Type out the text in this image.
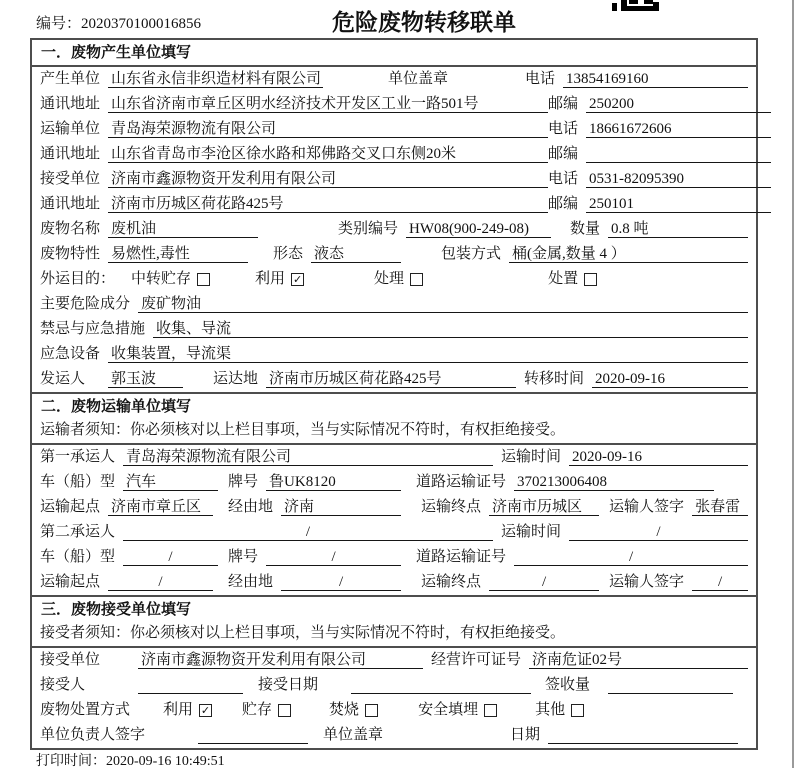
编号：2020370100016856	危险废物转移联单
一．废物产生单位填写
产生单位 山东省永信非织造材料有限公司	单位盖章	电话 13854169160
通讯地址 山东省济南市章丘区明水经济技术开发区工业一路501号	邮编 250200
运输单位 青岛海荣源物流有限公司	电话 18661672606
通讯地址 山东省青岛市李沧区徐水路和郑佛路交叉口东侧20米	邮编
接受单位 济南市鑫源物资开发利用有限公司	电话 0531-82095390
通讯地址 济南市历城区荷花路425号	邮编 250101
废物名称 废机油	类别编号 HW08(900-249-08)	数量 0.8 吨
废物特性 易燃性,毒性	形态 液态	包装方式 桶(金属,数量 4 ）
外运目的： 中转贮存	利用 ✓	处理	处置
主要危险成分 废矿物油
禁忌与应急措施 收集、导流
应急设备 收集装置，导流渠
发运人 郭玉波	运达地 济南市历城区荷花路425号	转移时间 2020-09-16
二．废物运输单位填写
运输者须知：你必须核对以上栏目事项，当与实际情况不符时，有权拒绝接受。
第一承运人 青岛海荣源物流有限公司	运输时间 2020-09-16
车（船）型 汽车	牌号 鲁UK8120	道路运输证号 370213006408
运输起点 济南市章丘区	经由地 济南	运输终点 济南市历城区	运输人签字 张春雷
第二承运人	/	运输时间	/
车（船）型	/	牌号	/	道路运输证号	/
运输起点	/	经由地	/	运输终点	/	运输人签字	/
三．废物接受单位填写
接受者须知：你必须核对以上栏目事项，当与实际情况不符时，有权拒绝接受。
接受单位	济南市鑫源物资开发利用有限公司	经营许可证号 济南危证02号
接受人	接受日期	签收量
废物处置方式 利用 ✓ 贮存	焚烧	安全填埋	其他
单位负责人签字	单位盖章	日期
打印时间：2020-09-16 10:49:51
